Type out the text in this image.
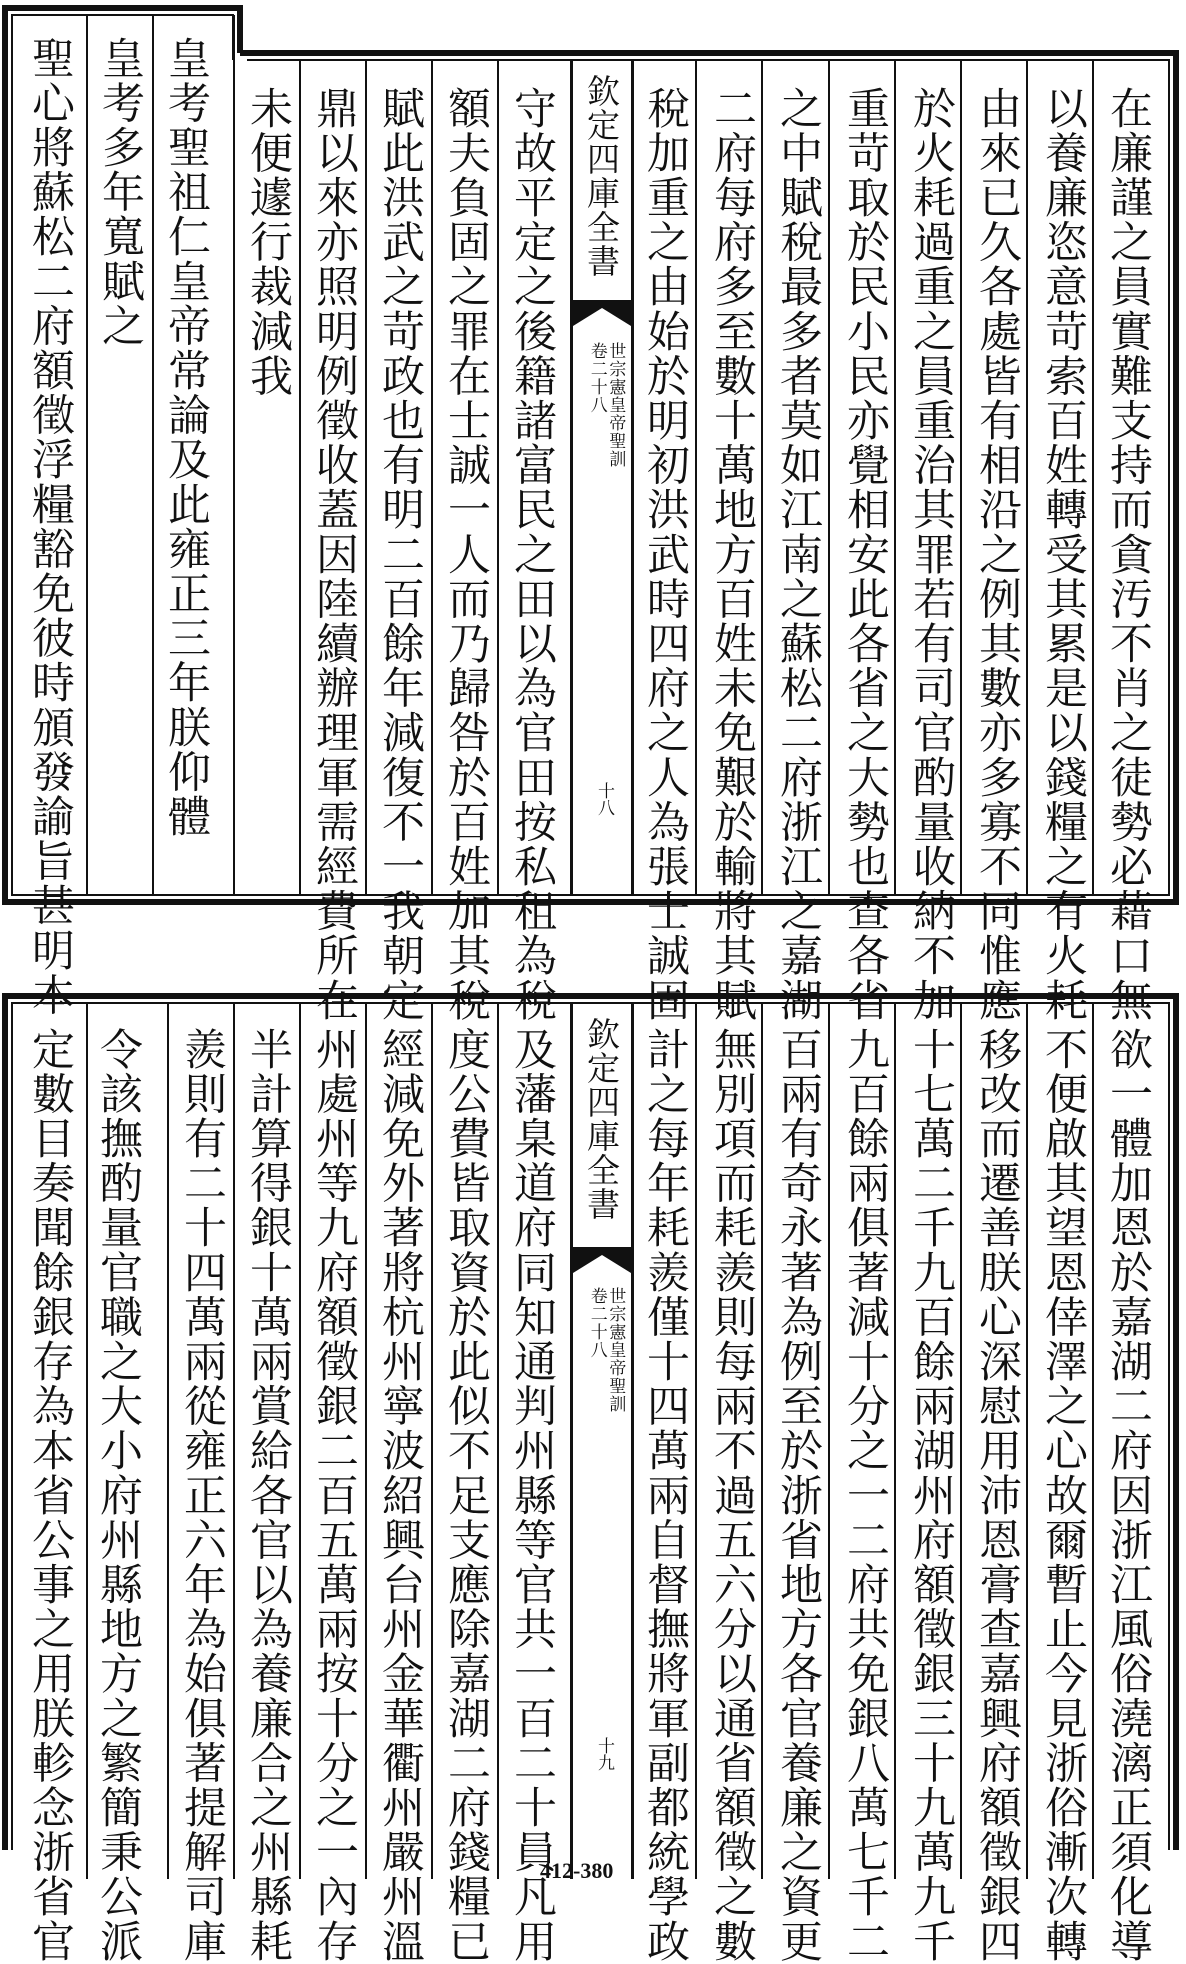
在廉謹之員實難支持而貪汚不肖之徒勢必藉口無
以養廉恣意苛索百姓轉受其累是以錢糧之有火耗
由來已久各處皆有相沿之例其數亦多寡不同惟應
於火耗過重之員重治其罪若有司官酌量收納不加
重苛取於民小民亦覺相安此各省之大勢也查各省
之中賦稅最多者莫如江南之蘇松二府浙江之嘉湖
二府每府多至數十萬地方百姓未免艱於輸將其賦
稅加重之由始於明初洪武時四府之人為張士誠固
欽定四庫全書
世宗憲皇帝聖訓
卷二十八
十八
守故平定之後籍諸富民之田以為官田按私租為稅
額夫負固之罪在士誠一人而乃歸咎於百姓加其稅
賦此洪武之苛政也有明二百餘年減復不一我朝定
鼎以來亦照明例徵收蓋因陸續辦理軍需經費所在
未便遽行裁減我
皇考聖祖仁皇帝常論及此雍正三年朕仰體
皇考多年寬賦之
聖心將蘇松二府額徵浮糧豁免彼時頒發諭旨甚明本
欲一體加恩於嘉湖二府因浙江風俗澆漓正須化導
不便啟其望恩倖澤之心故爾暫止今見浙俗漸次轉
移改而遷善朕心深慰用沛恩膏查嘉興府額徵銀四
十七萬二千九百餘兩湖州府額徵銀三十九萬九千
九百餘兩俱著減十分之一二府共免銀八萬七千二
百兩有奇永著為例至於浙省地方各官養廉之資更
無別項而耗羨則每兩不過五六分以通省額徵之數
計之每年耗羨僅十四萬兩自督撫將軍副都統學政
欽定四庫全書
世宗憲皇帝聖訓
卷二十八
十九
及藩臬道府同知通判州縣等官共一百二十員凡用
度公費皆取資於此似不足支應除嘉湖二府錢糧已
經減免外著將杭州寧波紹興台州金華衢州嚴州溫
州處州等九府額徵銀二百五萬兩按十分之一內存
半計算得銀十萬兩賞給各官以為養廉合之州縣耗
羨則有二十四萬兩從雍正六年為始俱著提解司庫
令該撫酌量官職之大小府州縣地方之繁簡秉公派
定數目奏聞餘銀存為本省公事之用朕軫念浙省官	412-380
